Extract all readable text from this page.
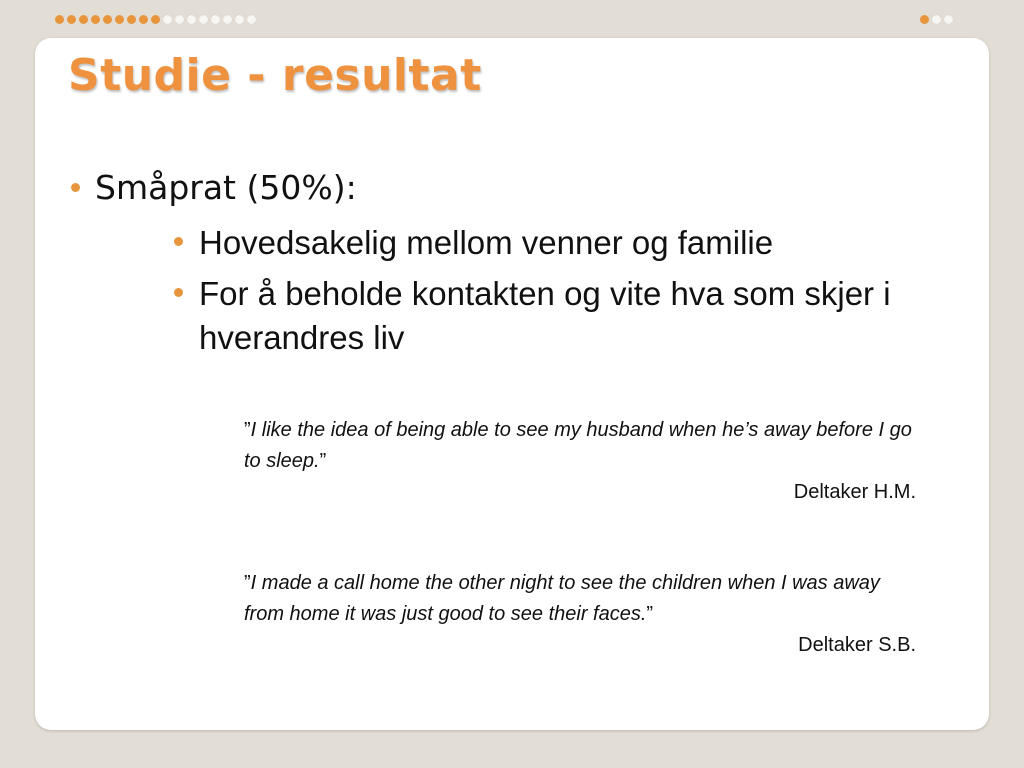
Studie - resultat
Småprat (50%):
Hovedsakelig mellom venner og familie
For å beholde kontakten og vite hva som skjer i hverandres liv
”I like the idea of being able to see my husband when he’s away before I go to sleep.”
Deltaker H.M.
”I made a call home the other night to see the children when I was away from home it was just good to see their faces.”
Deltaker S.B.
